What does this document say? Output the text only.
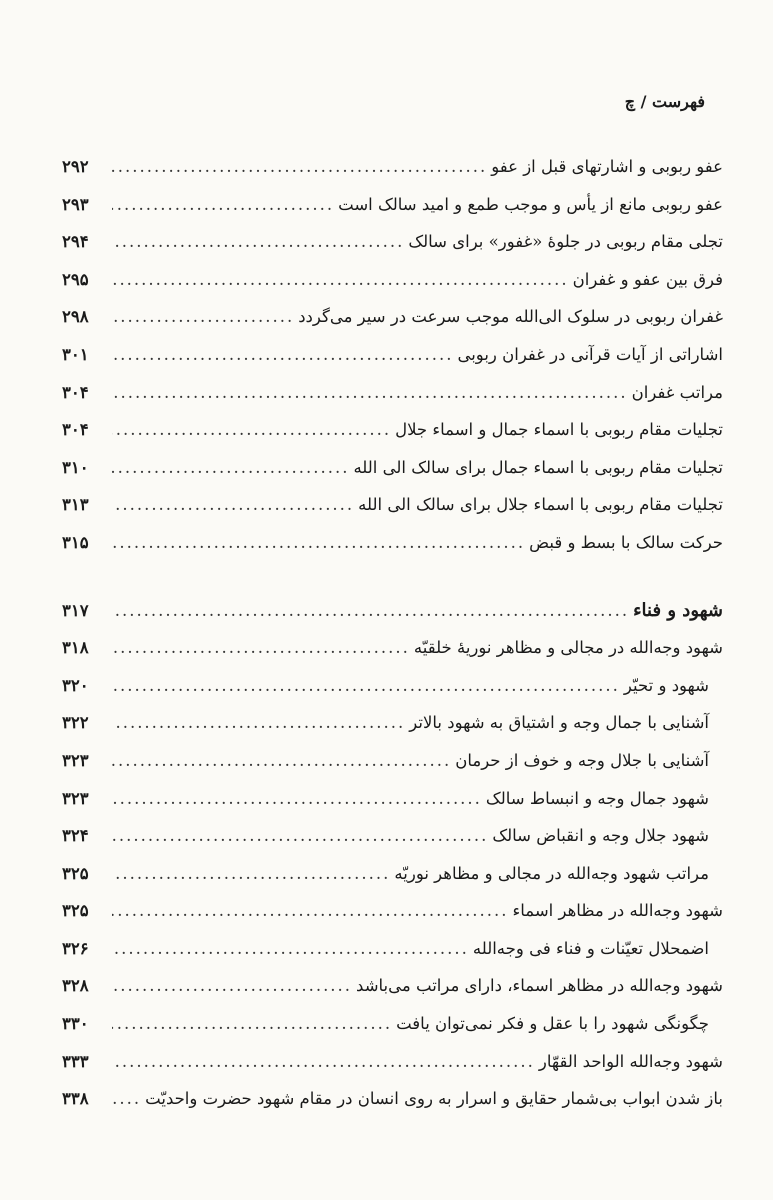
فهرست / چ
عفو ربوبی و اشارتهای قبل از عفو
.....
۲۹۲
عفو ربوبی مانع از یأس و موجب طمع و امید سالک است
.....
۲۹۳
تجلی مقام ربوبی در جلوهٔ «غفور» برای سالک
.....
۲۹۴
فرق بین عفو و غفران
.....
۲۹۵
غفران ربوبی در سلوک الی‌الله موجب سرعت در سیر می‌گردد
.....
۲۹۸
اشاراتی از آیات قرآنی در غفران ربوبی
.....
۳۰۱
مراتب غفران
.....
۳۰۴
تجلیات مقام ربوبی با اسماء جمال و اسماء جلال
.....
۳۰۴
تجلیات مقام ربوبی با اسماء جمال برای سالک الی الله
.....
۳۱۰
تجلیات مقام ربوبی با اسماء جلال برای سالک الی الله
.....
۳۱۳
حرکت سالک با بسط و قبض
.....
۳۱۵
شهود و فناء
.....
۳۱۷
شهود وجه‌الله در مجالی و مظاهر نوریهٔ خلقیّه
.....
۳۱۸
شهود و تحیّر
.....
۳۲۰
آشنایی با جمال وجه و اشتیاق به شهود بالاتر
.....
۳۲۲
آشنایی با جلال وجه و خوف از حرمان
.....
۳۲۳
شهود جمال وجه و انبساط سالک
.....
۳۲۳
شهود جلال وجه و انقباض سالک
.....
۳۲۴
مراتب شهود وجه‌الله در مجالی و مظاهر نوریّه
.....
۳۲۵
شهود وجه‌الله در مظاهر اسماء
.....
۳۲۵
اضمحلال تعیّنات و فناء فی وجه‌الله
.....
۳۲۶
شهود وجه‌الله در مظاهر اسماء، دارای مراتب می‌باشد
.....
۳۲۸
چگونگی شهود را با عقل و فکر نمی‌توان یافت
.....
۳۳۰
شهود وجه‌الله الواحد القهّار
.....
۳۳۳
باز شدن ابواب بی‌شمار حقایق و اسرار به روی انسان در مقام شهود حضرت واحدیّت
.....
۳۳۸
